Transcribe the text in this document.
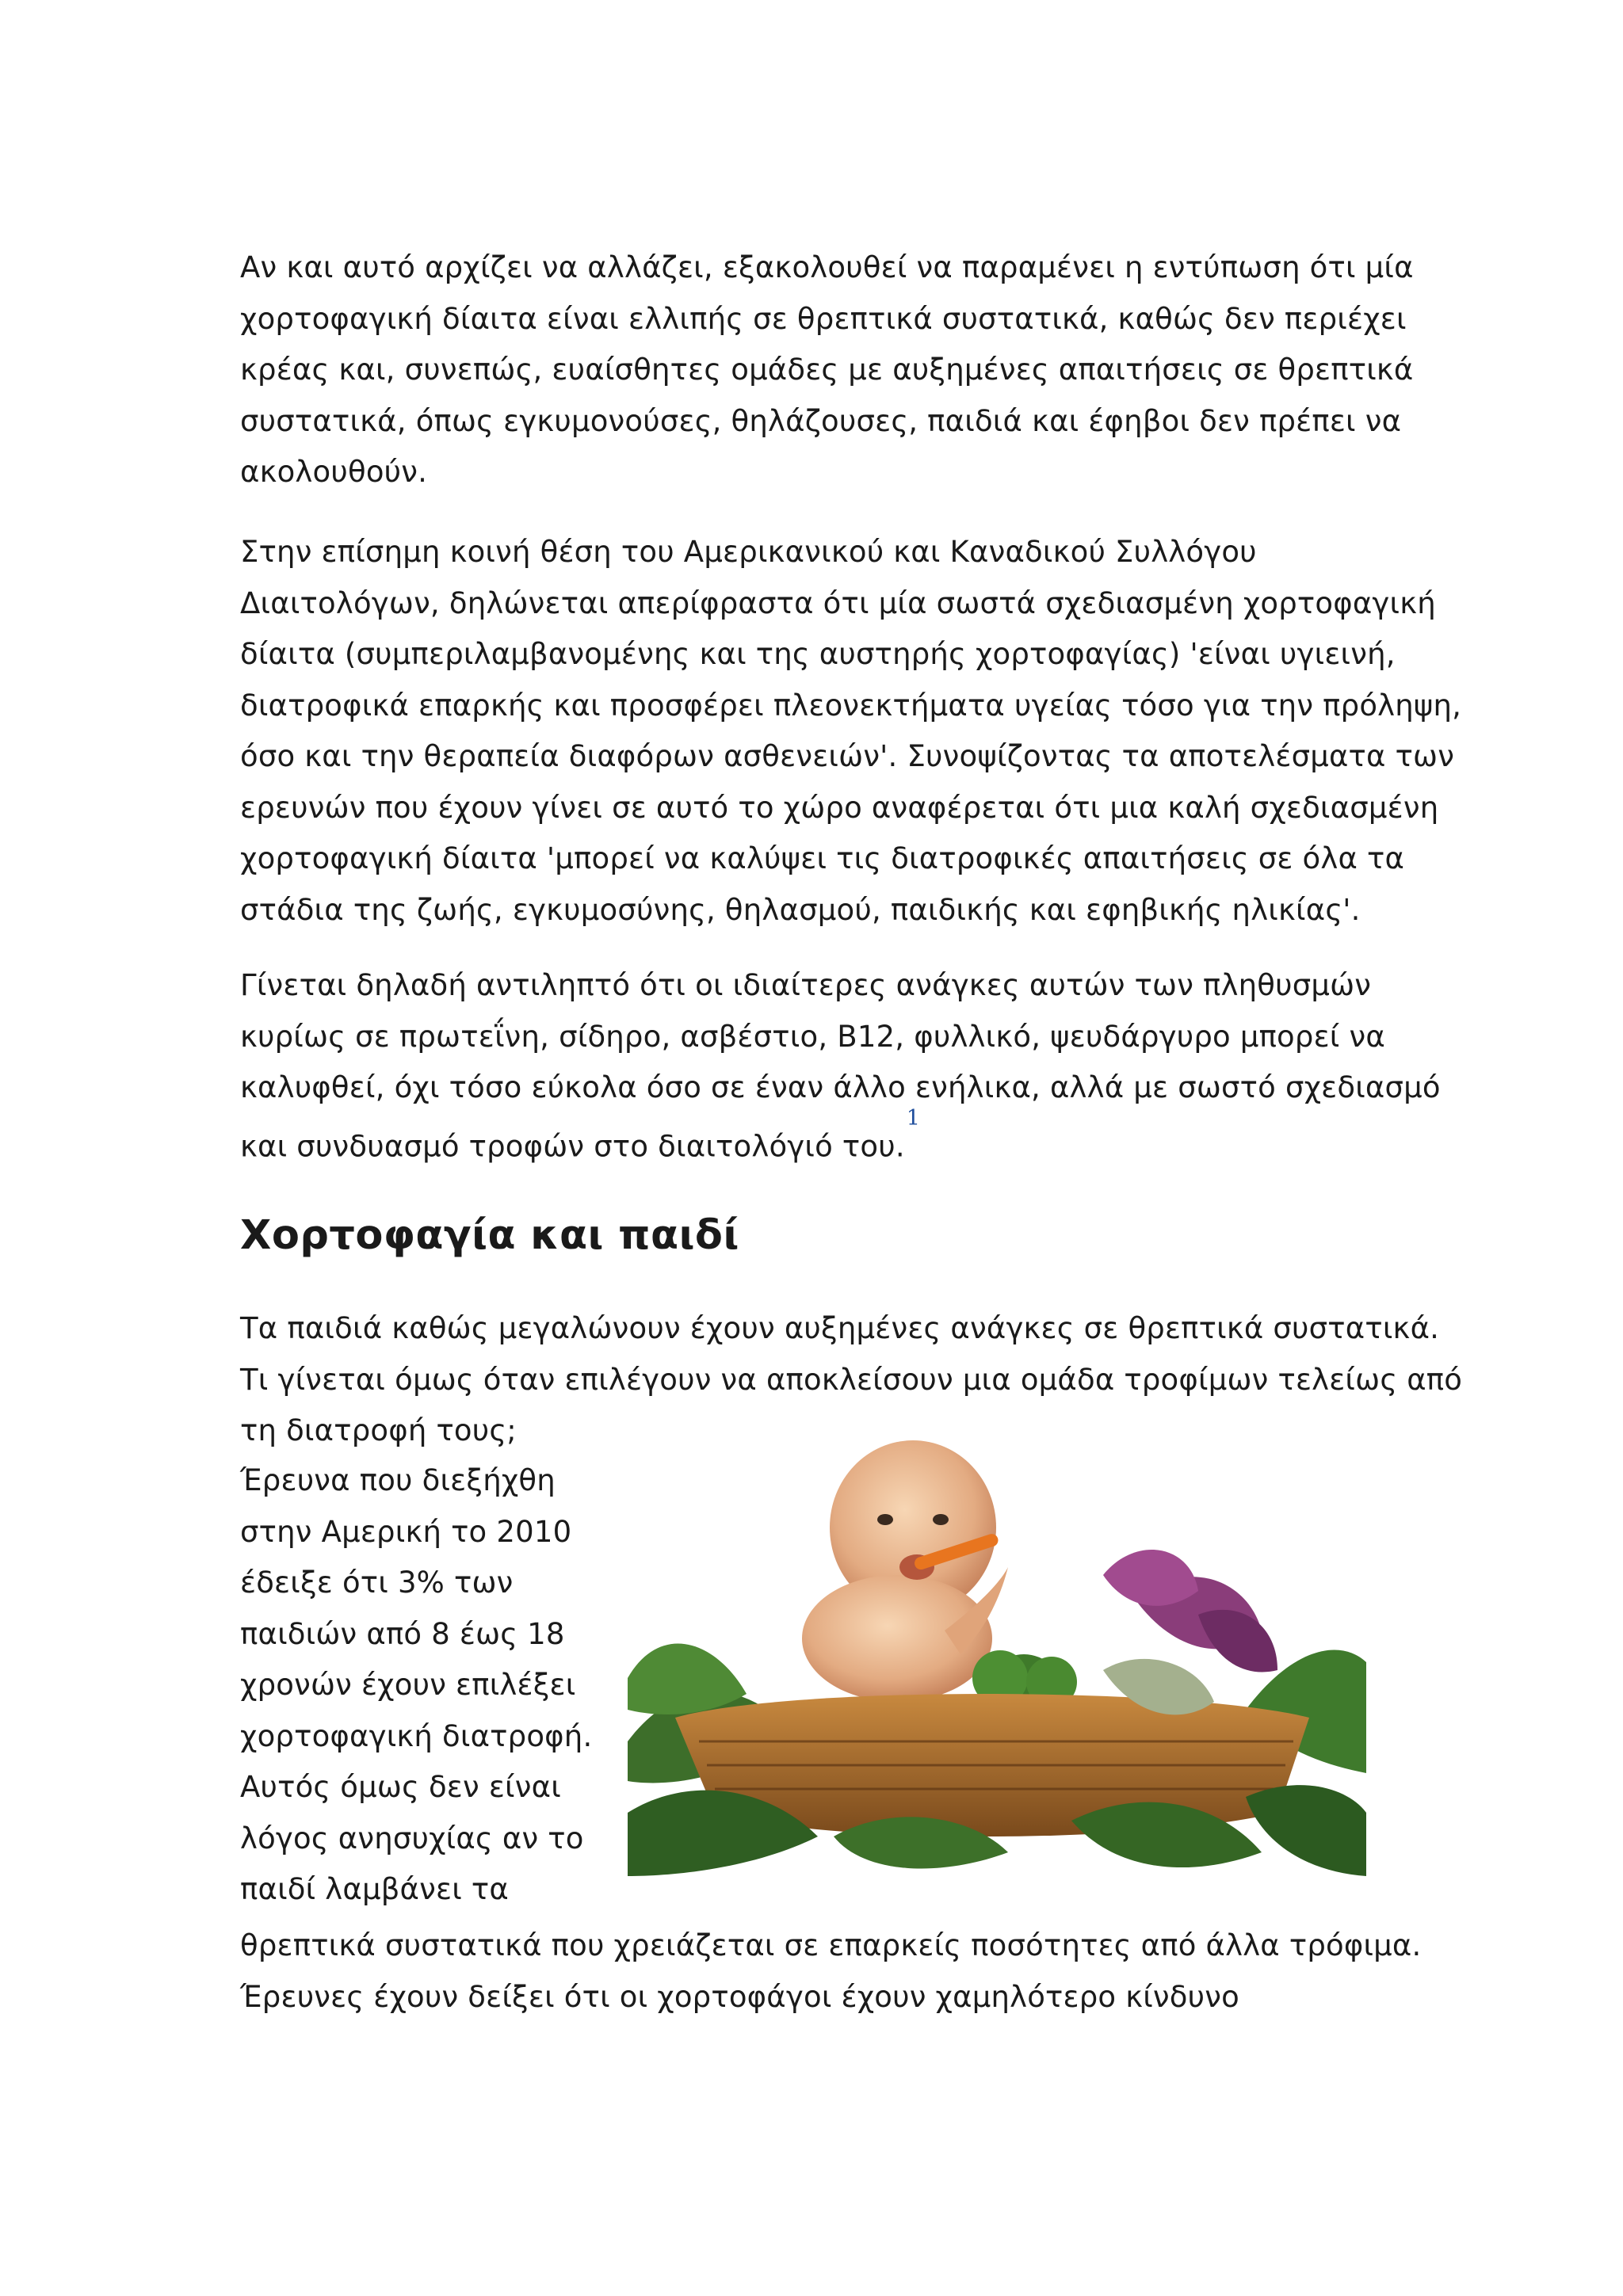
Αν και αυτό αρχίζει να αλλάζει, εξακολουθεί να παραμένει η εντύπωση ότι μία
χορτοφαγική δίαιτα είναι ελλιπής σε θρεπτικά συστατικά, καθώς δεν περιέχει
κρέας και, συνεπώς, ευαίσθητες ομάδες με αυξημένες απαιτήσεις σε θρεπτικά
συστατικά, όπως εγκυμονούσες, θηλάζουσες, παιδιά και έφηβοι δεν πρέπει να
ακολουθούν.

Στην επίσημη κοινή θέση του Αμερικανικού και Καναδικού Συλλόγου
Διαιτολόγων, δηλώνεται απερίφραστα ότι μία σωστά σχεδιασμένη χορτοφαγική
δίαιτα (συμπεριλαμβανομένης και της αυστηρής χορτοφαγίας) 'είναι υγιεινή,
διατροφικά επαρκής και προσφέρει πλεονεκτήματα υγείας τόσο για την πρόληψη,
όσο και την θεραπεία διαφόρων ασθενειών'. Συνοψίζοντας τα αποτελέσματα των
ερευνών που έχουν γίνει σε αυτό το χώρο αναφέρεται ότι μια καλή σχεδιασμένη
χορτοφαγική δίαιτα 'μπορεί να καλύψει τις διατροφικές απαιτήσεις σε όλα τα
στάδια της ζωής, εγκυμοσύνης, θηλασμού, παιδικής και εφηβικής ηλικίας'.

Γίνεται δηλαδή αντιληπτό ότι οι ιδιαίτερες ανάγκες αυτών των πληθυσμών
κυρίως σε πρωτεΐνη, σίδηρο, ασβέστιο, Β12, φυλλικό, ψευδάργυρο μπορεί να
καλυφθεί, όχι τόσο εύκολα όσο σε έναν άλλο ενήλικα, αλλά με σωστό σχεδιασμό
και συνδυασμό τροφών στο διαιτολόγιό του.$^1$

Χορτοφαγία και παιδί

Τα παιδιά καθώς μεγαλώνουν έχουν αυξημένες ανάγκες σε θρεπτικά συστατικά.
Τι γίνεται όμως όταν επιλέγουν να αποκλείσουν μια ομάδα τροφίμων τελείως από
τη διατροφή τους;

Έρευνα που διεξήχθη
στην Αμερική το 2010
έδειξε ότι 3% των
παιδιών από 8 έως 18
χρονών έχουν επιλέξει
χορτοφαγική διατροφή.
Αυτός όμως δεν είναι
λόγος ανησυχίας αν το
παιδί λαμβάνει τα

θρεπτικά συστατικά που χρειάζεται σε επαρκείς ποσότητες από άλλα τρόφιμα.
Έρευνες έχουν δείξει ότι οι χορτοφάγοι έχουν χαμηλότερο κίνδυνο
